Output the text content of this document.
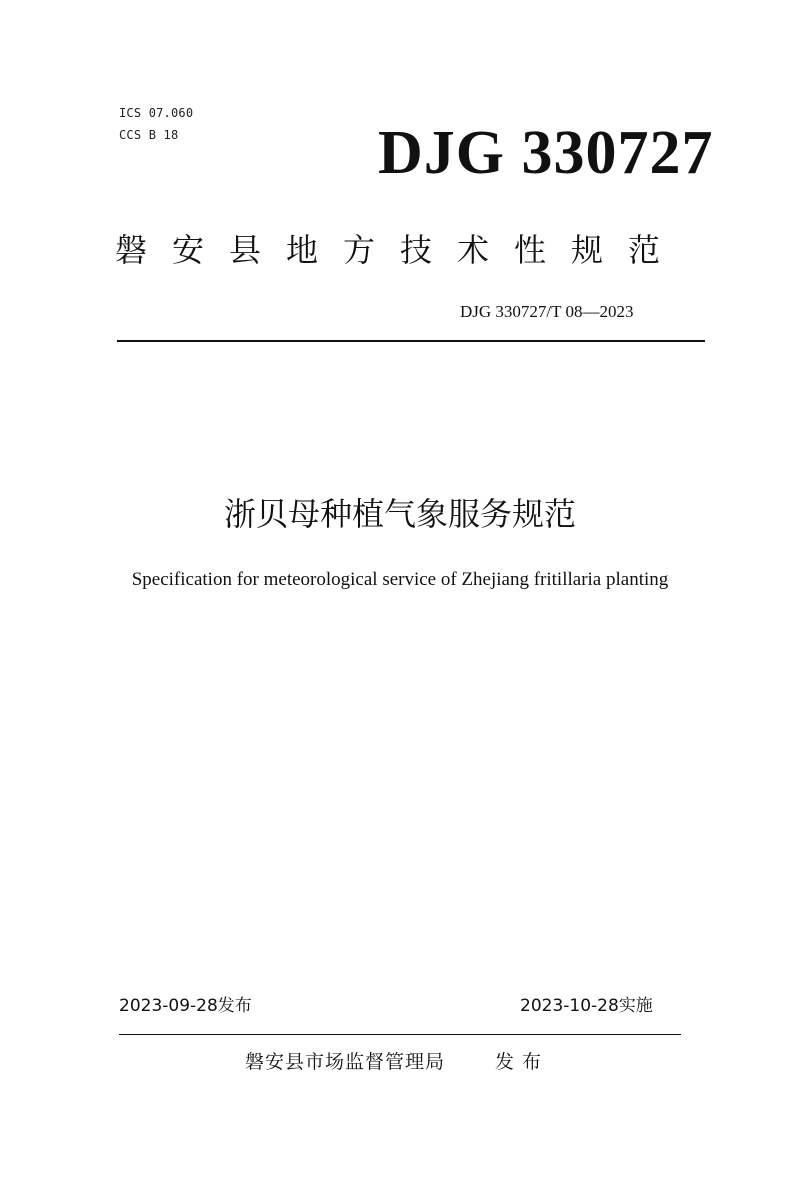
ICS 07.060
CCS B 18	DJG 330727
磐安县地方技术性规范
DJG 330727/T 08—2023
浙贝母种植气象服务规范
Specification for meteorological service of Zhejiang fritillaria planting
2023-09-28发布	2023-10-28实施
磐安县市场监督管理局	发布
